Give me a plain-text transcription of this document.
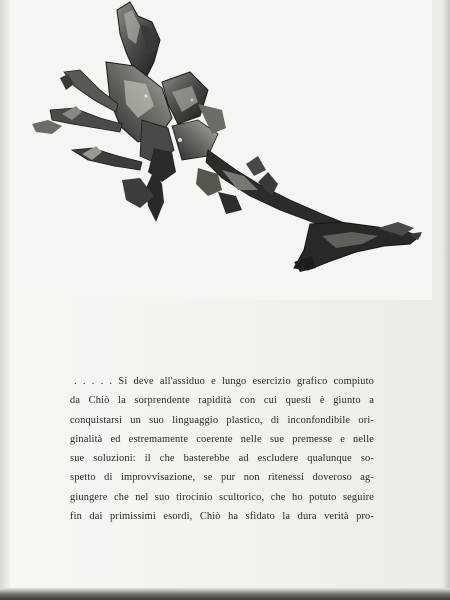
. . . . . Si deve all'assiduo e lungo esercizio grafico compiuto
da Chiò la sorprendente rapidità con cui questi è giunto a
conquistarsi un suo linguaggio plastico, di inconfondibile ori-
ginalità ed estremamente coerente nelle sue premesse e nelle
sue soluzioni: il che basterebbe ad escludere qualunque so-
spetto di improvvisazione, se pur non ritenessi doveroso ag-
giungere che nel suo tirocinio scultorico, che ho potuto seguire
fin dai primissimi esordi, Chiò ha sfidato la dura verità pro-
